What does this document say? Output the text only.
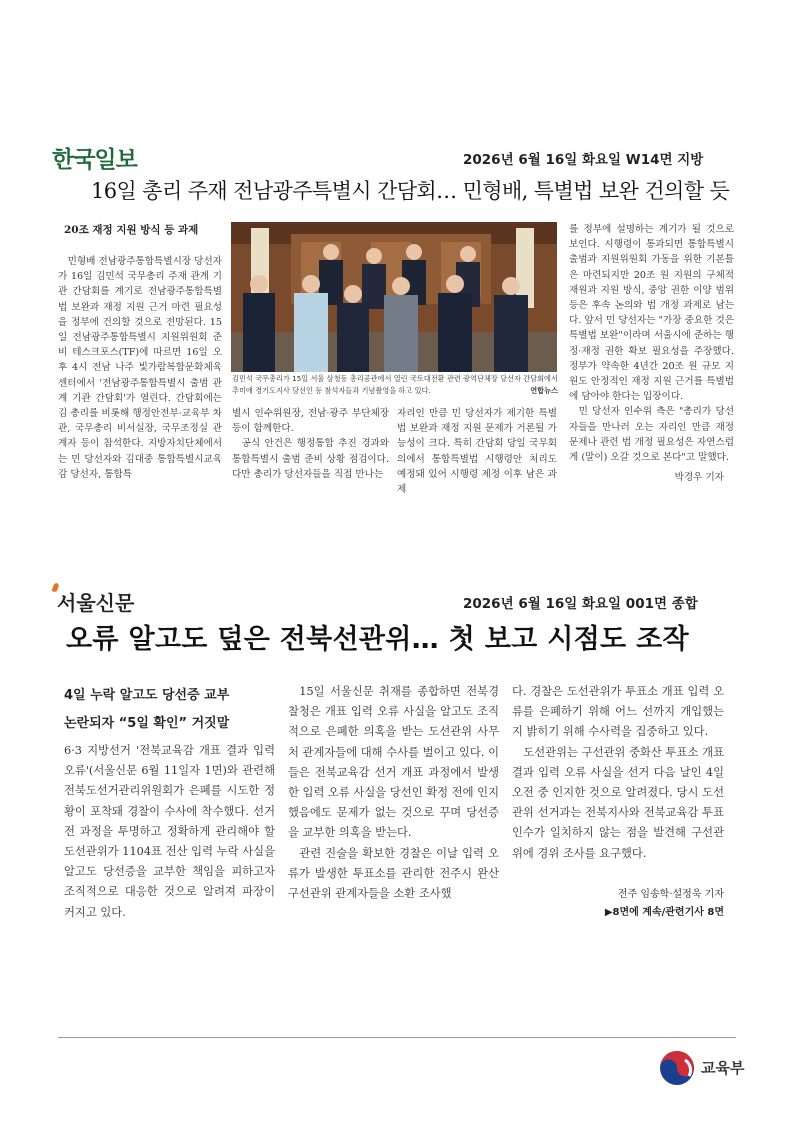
한국일보	2026년 6월 16일 화요일 W14면 지방
16일 총리 주재 전남광주특별시 간담회… 민형배, 특별법 보완 건의할 듯
20조 재정 지원 방식 등 과제

민형배 전남광주통합특별시장 당선자가 16일 김민석 국무총리 주재 관계 기관 간담회를 계기로 전남광주통합특별법 보완과 재정 지원 근거 마련 필요성을 정부에 건의할 것으로 전망된다. 15일 전남광주통합특별시 지원위원회 준비 테스크포스(TF)에 따르면 16일 오후 4시 전남 나주 빛가람복합문화체육센터에서 '전남광주통합특별시 출범 관계 기관 간담회'가 열린다. 간담회에는 김 총리를 비롯해 행정안전부·교육부 차관, 국무총리 비서실장, 국무조정실 관계자 등이 참석한다. 지방자치단체에서는 민 당선자와 김대중 통합특별시교육감 당선자, 통합특

김민석 국무총리가 15일 서울 삼청동 총리공관에서 열린 국토대전환 관련 광역단체장 당선자 간담회에서 추미애 경기도지사 당선인 등 참석자들과 기념촬영을 하고 있다.	연합뉴스

별시 인수위원장, 전남·광주 부단체장 등이 함께한다.

공식 안건은 행정통합 추진 경과와 통합특별시 출범 준비 상황 점검이다. 다만 총리가 당선자들을 직접 만나는

자리인 만큼 민 당선자가 제기한 특별법 보완과 재정 지원 문제가 거론될 가능성이 크다. 특히 간담회 당일 국무회의에서 통합특별법 시행령안 처리도 예정돼 있어 시행령 제정 이후 남은 과제

를 정부에 설명하는 계기가 될 것으로 보인다. 시행령이 통과되면 통합특별시 출범과 지원위원회 가동을 위한 기본틀은 마련되지만 20조 원 지원의 구체적 재원과 지원 방식, 중앙 권한 이양 범위 등은 후속 논의와 법 개정 과제로 남는다. 앞서 민 당선자는 "가장 중요한 것은 특별법 보완"이라며 서울시에 준하는 행정·재정 권한 확보 필요성을 주장했다. 정부가 약속한 4년간 20조 원 규모 지원도 안정적인 재정 지원 근거를 특별법에 담아야 한다는 입장이다.

민 당선자 인수위 측은 "총리가 당선자들을 만나러 오는 자리인 만큼 재정 문제나 관련 법 개정 필요성은 자연스럽게 (말이) 오갈 것으로 본다"고 말했다.

박경우 기자
서울신문	2026년 6월 16일 화요일 001면 종합
오류 알고도 덮은 전북선관위… 첫 보고 시점도 조작
4일 누락 알고도 당선증 교부
논란되자 “5일 확인” 거짓말

6·3 지방선거 '전북교육감 개표 결과 입력 오류'(서울신문 6월 11일자 1면)와 관련해 전북도선거관리위원회가 은폐를 시도한 정황이 포착돼 경찰이 수사에 착수했다. 선거 전 과정을 투명하고 정확하게 관리해야 할 도선관위가 1104표 전산 입력 누락 사실을 알고도 당선증을 교부한 책임을 피하고자 조직적으로 대응한 것으로 알려져 파장이 커지고 있다.

15일 서울신문 취재를 종합하면 전북경찰청은 개표 입력 오류 사실을 알고도 조직적으로 은폐한 의혹을 받는 도선관위 사무처 관계자들에 대해 수사를 벌이고 있다. 이들은 전북교육감 선거 개표 과정에서 발생한 입력 오류 사실을 당선인 확정 전에 인지했음에도 문제가 없는 것으로 꾸며 당선증을 교부한 의혹을 받는다.

관련 진술을 확보한 경찰은 이날 입력 오류가 발생한 투표소를 관리한 전주시 완산구선관위 관계자들을 소환 조사했

다. 경찰은 도선관위가 투표소 개표 입력 오류를 은폐하기 위해 어느 선까지 개입했는지 밝히기 위해 수사력을 집중하고 있다.

도선관위는 구선관위 중화산 투표소 개표 결과 입력 오류 사실을 선거 다음 날인 4일 오전 중 인지한 것으로 알려졌다. 당시 도선관위 선거과는 전북지사와 전북교육감 투표인수가 일치하지 않는 점을 발견해 구선관위에 경위 조사를 요구했다.

전주 임송학·설정욱 기자
▶8면에 계속/관련기사 8면
교육부
